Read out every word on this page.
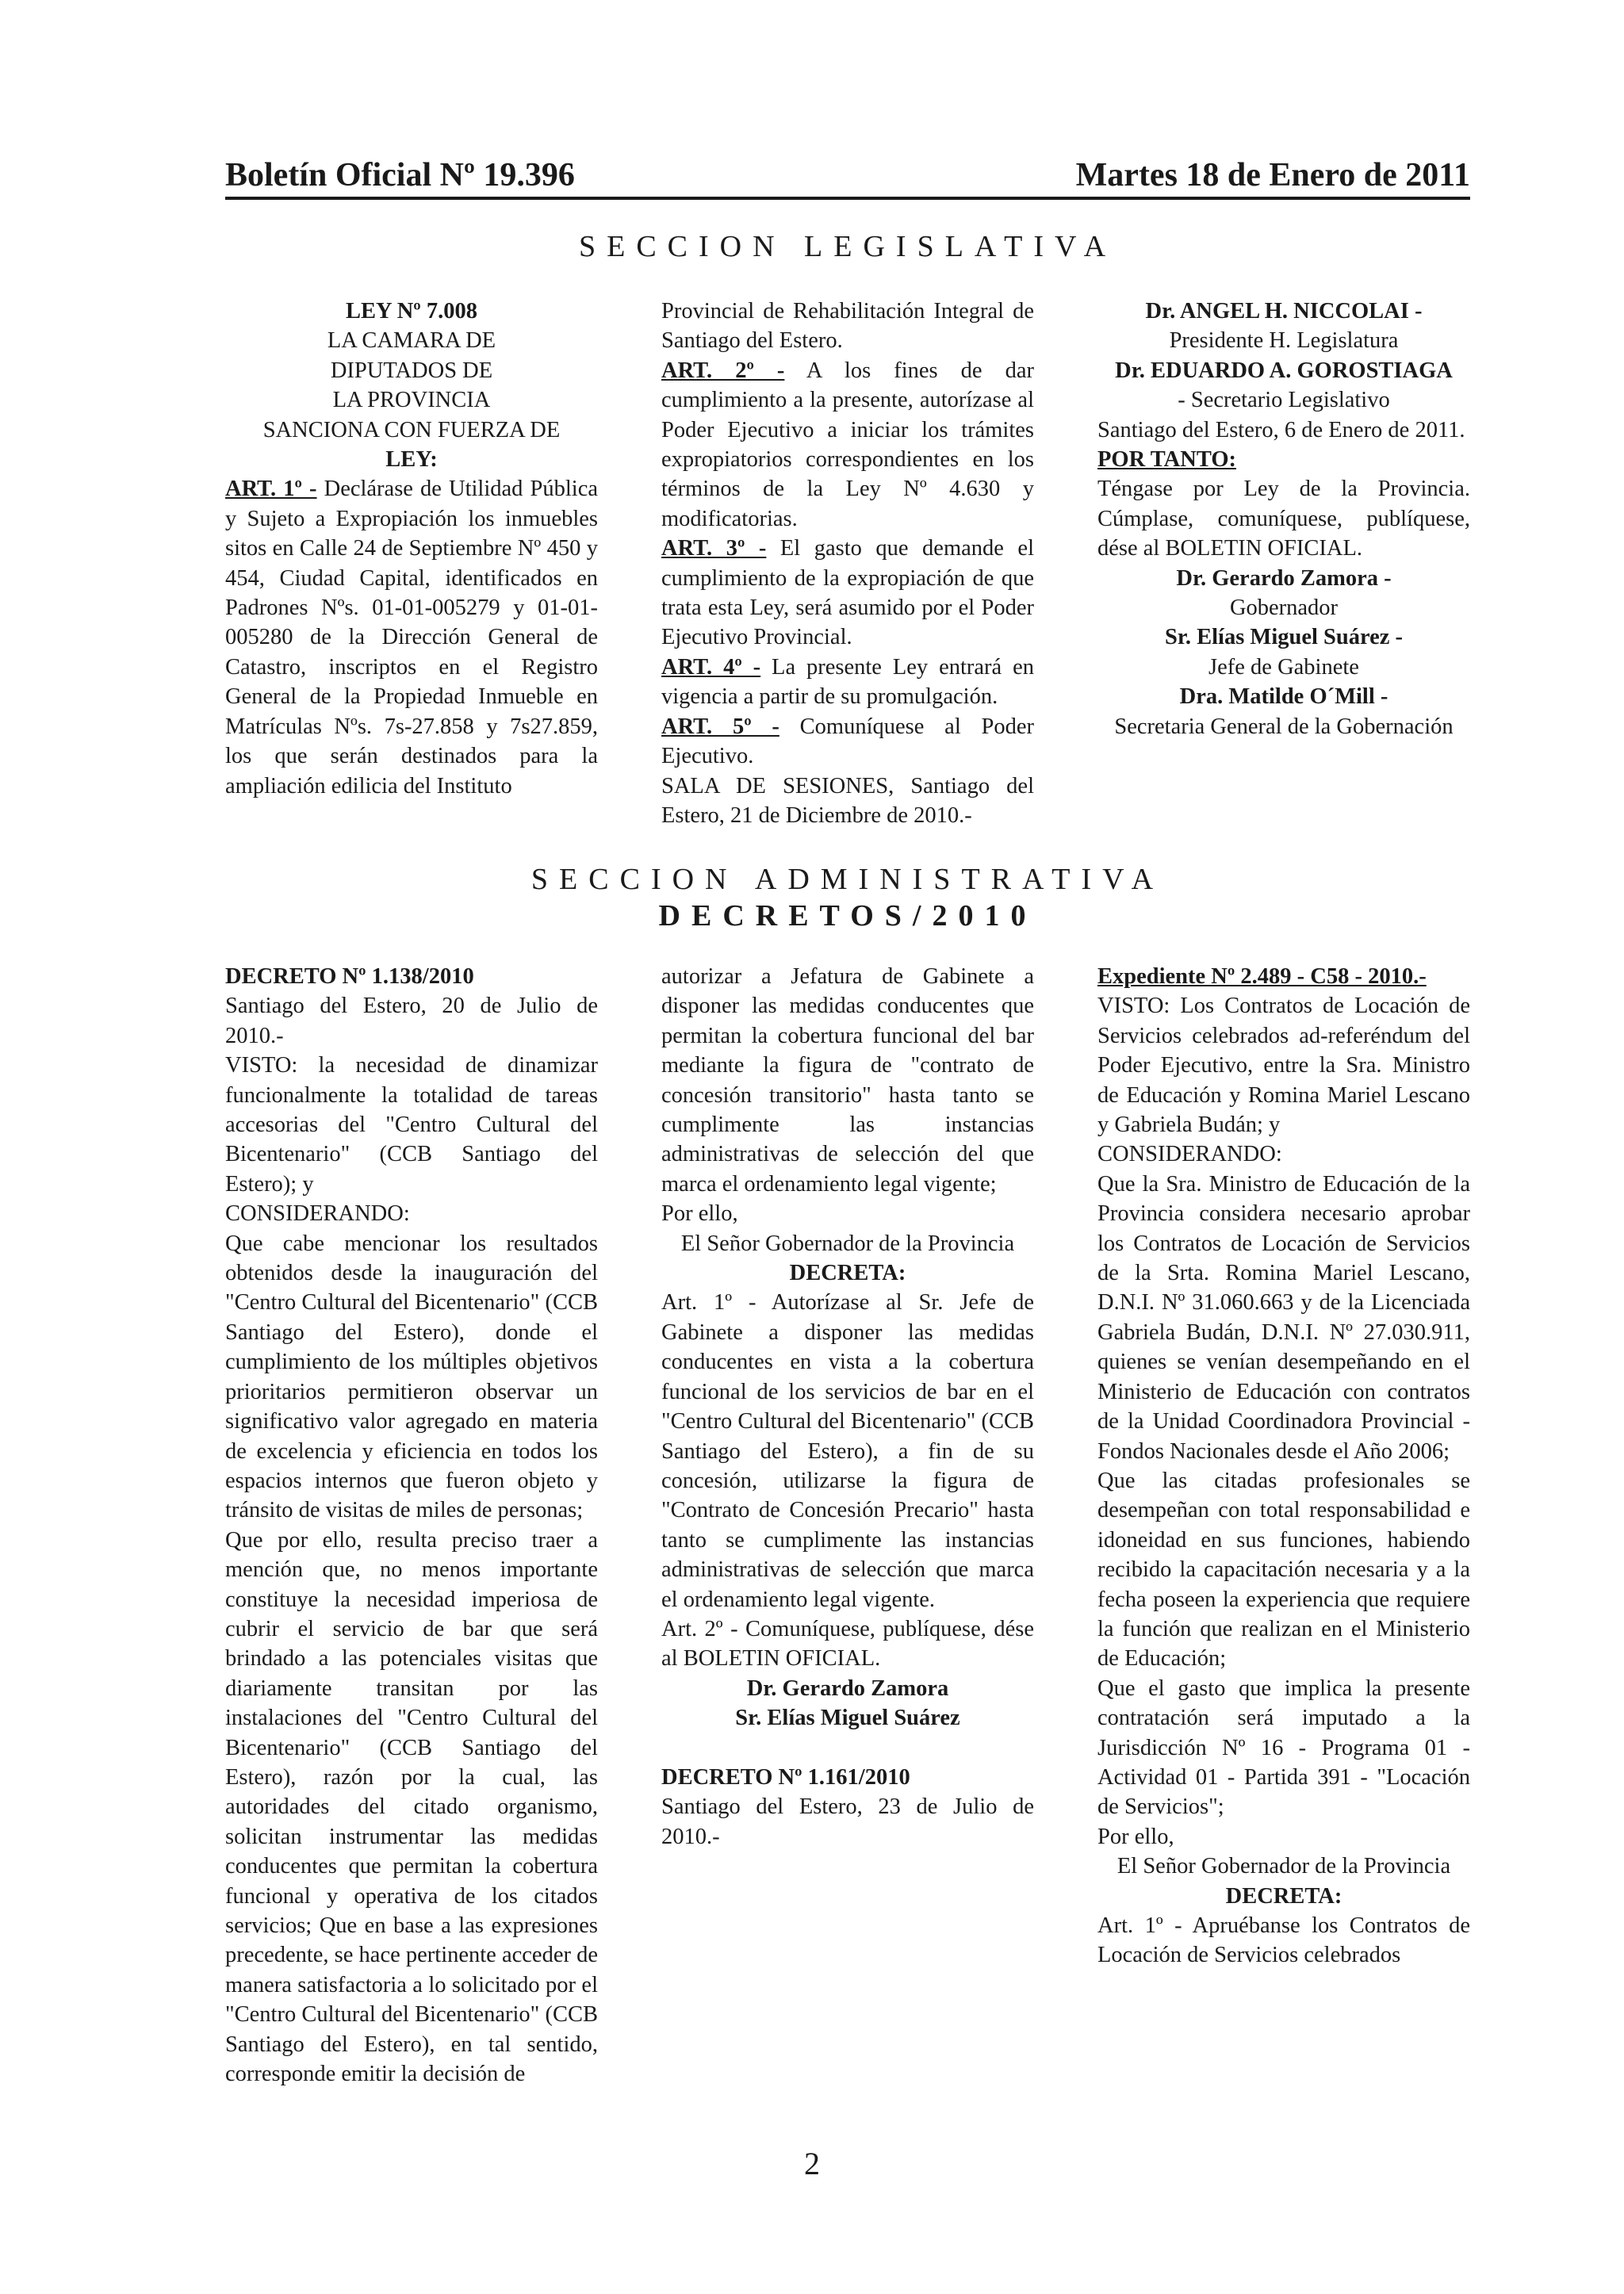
Boletín Oficial Nº 19.396	Martes 18 de Enero de 2011
SECCION LEGISLATIVA

LEY Nº 7.008

LA CAMARA DE

DIPUTADOS DE

LA PROVINCIA

SANCIONA CON FUERZA DE

LEY:

ART. 1º - Declárase de Utilidad Pública y Sujeto a Expropiación los inmuebles sitos en Calle 24 de Septiembre Nº 450 y 454, Ciudad Capital, identificados en Padrones Nºs. 01-01-005279 y 01-01-005280 de la Dirección General de Catastro, inscriptos en el Registro General de la Propiedad Inmueble en Matrículas Nºs. 7s-27.858 y 7s27.859, los que serán destinados para la ampliación edilicia del Instituto

Provincial de Rehabilitación Integral de Santiago del Estero.

ART. 2º - A los fines de dar cumplimiento a la presente, autorízase al Poder Ejecutivo a iniciar los trámites expropiatorios correspondientes en los términos de la Ley Nº 4.630 y modificatorias.

ART. 3º - El gasto que demande el cumplimiento de la expropiación de que trata esta Ley, será asumido por el Poder Ejecutivo Provincial.

ART. 4º - La presente Ley entrará en vigencia a partir de su promulgación.

ART. 5º - Comuníquese al Poder Ejecutivo.

SALA DE SESIONES, Santiago del Estero, 21 de Diciembre de 2010.-

Dr. ANGEL H. NICCOLAI -

Presidente H. Legislatura

Dr. EDUARDO A. GOROSTIAGA

- Secretario Legislativo

Santiago del Estero, 6 de Enero de 2011.

POR TANTO:

Téngase por Ley de la Provincia. Cúmplase, comuníquese, publíquese, dése al BOLETIN OFICIAL.

Dr. Gerardo Zamora -

Gobernador

Sr. Elías Miguel Suárez -

Jefe de Gabinete

Dra. Matilde O´Mill -

Secretaria General de la Gobernación

SECCION ADMINISTRATIVA
DECRETOS/2010

DECRETO Nº 1.138/2010

Santiago del Estero, 20 de Julio de 2010.-

VISTO: la necesidad de dinamizar funcionalmente la totalidad de tareas accesorias del "Centro Cultural del Bicentenario" (CCB Santiago del Estero); y

CONSIDERANDO:

Que cabe mencionar los resultados obtenidos desde la inauguración del "Centro Cultural del Bicentenario" (CCB Santiago del Estero), donde el cumplimiento de los múltiples objetivos prioritarios permitieron observar un significativo valor agregado en materia de excelencia y eficiencia en todos los espacios internos que fueron objeto y tránsito de visitas de miles de personas;

Que por ello, resulta preciso traer a mención que, no menos importante constituye la necesidad imperiosa de cubrir el servicio de bar que será brindado a las potenciales visitas que diariamente transitan por las instalaciones del "Centro Cultural del Bicentenario" (CCB Santiago del Estero), razón por la cual, las autoridades del citado organismo, solicitan instrumentar las medidas conducentes que permitan la cobertura funcional y operativa de los citados servicios; Que en base a las expresiones precedente, se hace pertinente acceder de manera satisfactoria a lo solicitado por el "Centro Cultural del Bicentenario" (CCB Santiago del Estero), en tal sentido, corresponde emitir la decisión de

autorizar a Jefatura de Gabinete a disponer las medidas conducentes que permitan la cobertura funcional del bar mediante la figura de "contrato de concesión transitorio" hasta tanto se cumplimente las instancias administrativas de selección del que marca el ordenamiento legal vigente;

Por ello,

El Señor Gobernador de la Provincia

DECRETA:

Art. 1º - Autorízase al Sr. Jefe de Gabinete a disponer las medidas conducentes en vista a la cobertura funcional de los servicios de bar en el "Centro Cultural del Bicentenario" (CCB Santiago del Estero), a fin de su concesión, utilizarse la figura de "Contrato de Concesión Precario" hasta tanto se cumplimente las instancias administrativas de selección que marca el ordenamiento legal vigente.

Art. 2º - Comuníquese, publíquese, dése al BOLETIN OFICIAL.

Dr. Gerardo Zamora

Sr. Elías Miguel Suárez

DECRETO Nº 1.161/2010

Santiago del Estero, 23 de Julio de 2010.-

Expediente Nº 2.489 - C58 - 2010.-

VISTO: Los Contratos de Locación de Servicios celebrados ad-referéndum del Poder Ejecutivo, entre la Sra. Ministro de Educación y Romina Mariel Lescano y Gabriela Budán; y

CONSIDERANDO:

Que la Sra. Ministro de Educación de la Provincia considera necesario aprobar los Contratos de Locación de Servicios de la Srta. Romina Mariel Lescano, D.N.I. Nº 31.060.663 y de la Licenciada Gabriela Budán, D.N.I. Nº 27.030.911, quienes se venían desempeñando en el Ministerio de Educación con contratos de la Unidad Coordinadora Provincial - Fondos Nacionales desde el Año 2006;

Que las citadas profesionales se desempeñan con total responsabilidad e idoneidad en sus funciones, habiendo recibido la capacitación necesaria y a la fecha poseen la experiencia que requiere la función que realizan en el Ministerio de Educación;

Que el gasto que implica la presente contratación será imputado a la Jurisdicción Nº 16 - Programa 01 - Actividad 01 - Partida 391 - "Locación de Servicios";

Por ello,

El Señor Gobernador de la Provincia

DECRETA:

Art. 1º - Apruébanse los Contratos de Locación de Servicios celebrados

2
